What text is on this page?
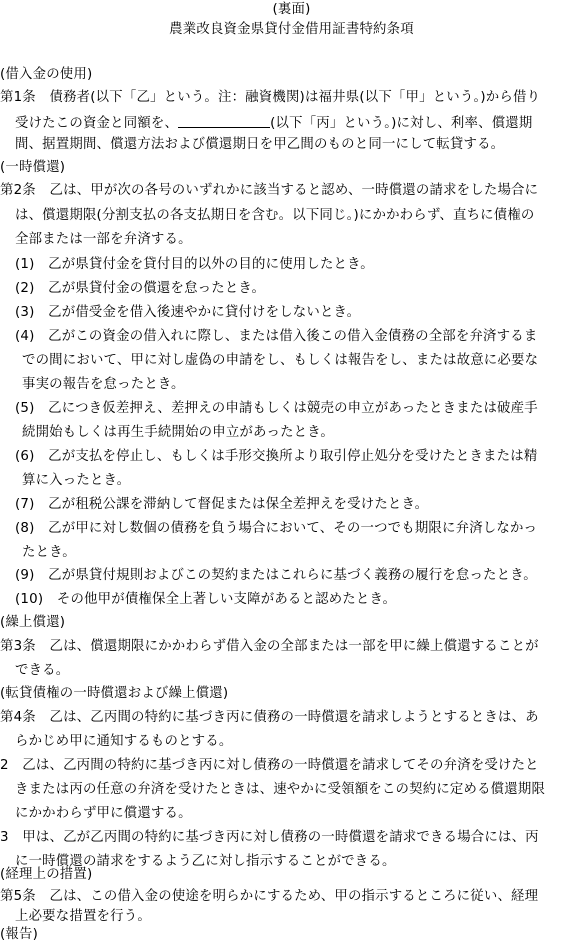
(裏面)
農業改良資金県貸付金借用証書特約条項
(借入金の使用)
第1条　債務者(以下「乙」という。注：融資機関)は福井県(以下「甲」という。)から借り
受けたこの資金と同額を、	(以下「丙」という。)に対し、利率、償還期
間、据置期間、償還方法および償還期日を甲乙間のものと同一にして転貸する。
(一時償還)
第2条　乙は、甲が次の各号のいずれかに該当すると認め、一時償還の請求をした場合に
は、償還期限(分割支払の各支払期日を含む。以下同じ。)にかかわらず、直ちに債権の
全部または一部を弁済する。
(1)　乙が県貸付金を貸付目的以外の目的に使用したとき。
(2)　乙が県貸付金の償還を怠ったとき。
(3)　乙が借受金を借入後速やかに貸付けをしないとき。
(4)　乙がこの資金の借入れに際し、または借入後この借入金債務の全部を弁済するま
での間において、甲に対し虚偽の申請をし、もしくは報告をし、または故意に必要な
事実の報告を怠ったとき。
(5)　乙につき仮差押え、差押えの申請もしくは競売の申立があったときまたは破産手
続開始もしくは再生手続開始の申立があったとき。
(6)　乙が支払を停止し、もしくは手形交換所より取引停止処分を受けたときまたは精
算に入ったとき。
(7)　乙が租税公課を滞納して督促または保全差押えを受けたとき。
(8)　乙が甲に対し数個の債務を負う場合において、その一つでも期限に弁済しなかっ
たとき。
(9)　乙が県貸付規則およびこの契約またはこれらに基づく義務の履行を怠ったとき。
(10)　その他甲が債権保全上著しい支障があると認めたとき。
(繰上償還)
第3条　乙は、償還期限にかかわらず借入金の全部または一部を甲に繰上償還することが
できる。
(転貸債権の一時償還および繰上償還)
第4条　乙は、乙丙間の特約に基づき丙に債務の一時償還を請求しようとするときは、あ
らかじめ甲に通知するものとする。
2　乙は、乙丙間の特約に基づき丙に対し債務の一時償還を請求してその弁済を受けたと
きまたは丙の任意の弁済を受けたときは、速やかに受領額をこの契約に定める償還期限
にかかわらず甲に償還する。
3　甲は、乙が乙丙間の特約に基づき丙に対し債務の一時償還を請求できる場合には、丙
に一時償還の請求をするよう乙に対し指示することができる。
(経理上の措置)
第5条　乙は、この借入金の使途を明らかにするため、甲の指示するところに従い、経理
上必要な措置を行う。
(報告)
